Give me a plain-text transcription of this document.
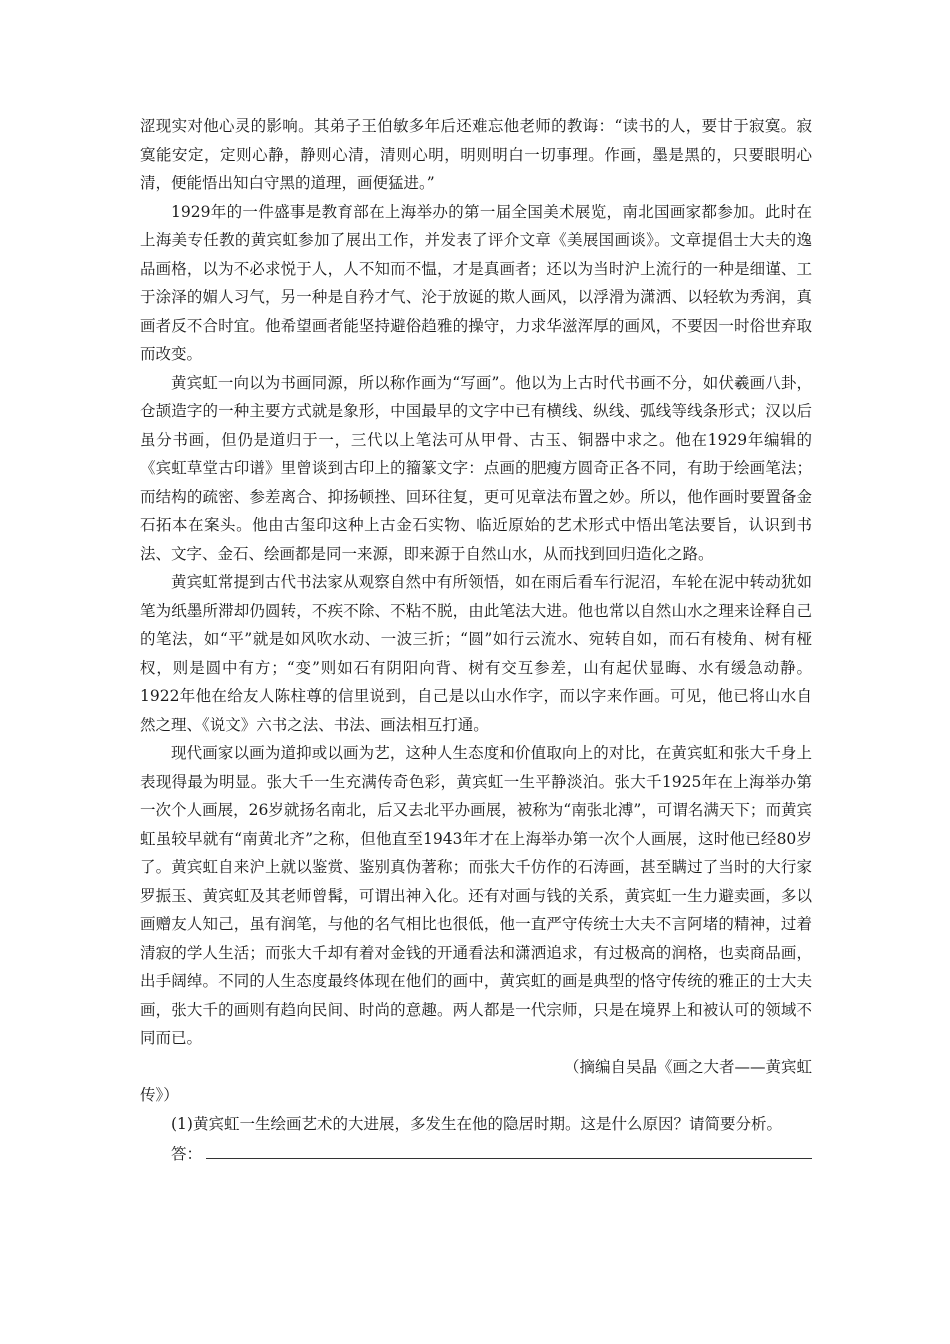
涩现实对他心灵的影响。其弟子王伯敏多年后还难忘他老师的教诲：“读书的人，要甘于寂寞。寂寞能安定，定则心静，静则心清，清则心明，明则明白一切事理。作画，墨是黑的，只要眼明心清，便能悟出知白守黑的道理，画便猛进。”

1929年的一件盛事是教育部在上海举办的第一届全国美术展览，南北国画家都参加。此时在上海美专任教的黄宾虹参加了展出工作，并发表了评介文章《美展国画谈》。文章提倡士大夫的逸品画格，以为不必求悦于人，人不知而不愠，才是真画者；还以为当时沪上流行的一种是细谨、工于涂泽的媚人习气，另一种是自矜才气、沦于放诞的欺人画风，以浮滑为潇洒、以轻软为秀润，真画者反不合时宜。他希望画者能坚持避俗趋雅的操守，力求华滋浑厚的画风，不要因一时俗世弃取而改变。

黄宾虹一向以为书画同源，所以称作画为“写画”。他以为上古时代书画不分，如伏羲画八卦，仓颉造字的一种主要方式就是象形，中国最早的文字中已有横线、纵线、弧线等线条形式；汉以后虽分书画，但仍是道归于一，三代以上笔法可从甲骨、古玉、铜器中求之。他在1929年编辑的《宾虹草堂古印谱》里曾谈到古印上的籀篆文字：点画的肥瘦方圆奇正各不同，有助于绘画笔法；而结构的疏密、参差离合、抑扬顿挫、回环往复，更可见章法布置之妙。所以，他作画时要置备金石拓本在案头。他由古玺印这种上古金石实物、临近原始的艺术形式中悟出笔法要旨，认识到书法、文字、金石、绘画都是同一来源，即来源于自然山水，从而找到回归造化之路。

黄宾虹常提到古代书法家从观察自然中有所领悟，如在雨后看车行泥沼，车轮在泥中转动犹如笔为纸墨所滞却仍圆转，不疾不除、不粘不脱，由此笔法大进。他也常以自然山水之理来诠释自己的笔法，如“平”就是如风吹水动、一波三折；“圆”如行云流水、宛转自如，而石有棱角、树有桠杈，则是圆中有方；“变”则如石有阴阳向背、树有交互参差，山有起伏显晦、水有缓急动静。1922年他在给友人陈柱尊的信里说到，自己是以山水作字，而以字来作画。可见，他已将山水自然之理、《说文》六书之法、书法、画法相互打通。

现代画家以画为道抑或以画为艺，这种人生态度和价值取向上的对比，在黄宾虹和张大千身上表现得最为明显。张大千一生充满传奇色彩，黄宾虹一生平静淡泊。张大千1925年在上海举办第一次个人画展，26岁就扬名南北，后又去北平办画展，被称为“南张北溥”，可谓名满天下；而黄宾虹虽较早就有“南黄北齐”之称，但他直至1943年才在上海举办第一次个人画展，这时他已经80岁了。黄宾虹自来沪上就以鉴赏、鉴别真伪著称；而张大千仿作的石涛画，甚至瞒过了当时的大行家罗振玉、黄宾虹及其老师曾髯，可谓出神入化。还有对画与钱的关系，黄宾虹一生力避卖画，多以画赠友人知己，虽有润笔，与他的名气相比也很低，他一直严守传统士大夫不言阿堵的精神，过着清寂的学人生活；而张大千却有着对金钱的开通看法和潇洒追求，有过极高的润格，也卖商品画，出手阔绰。不同的人生态度最终体现在他们的画中，黄宾虹的画是典型的恪守传统的雅正的士大夫画，张大千的画则有趋向民间、时尚的意趣。两人都是一代宗师，只是在境界上和被认可的领域不同而已。

（摘编自吴晶《画之大者——黄宾虹

传》）

(1)黄宾虹一生绘画艺术的大进展，多发生在他的隐居时期。这是什么原因？请简要分析。

答：
